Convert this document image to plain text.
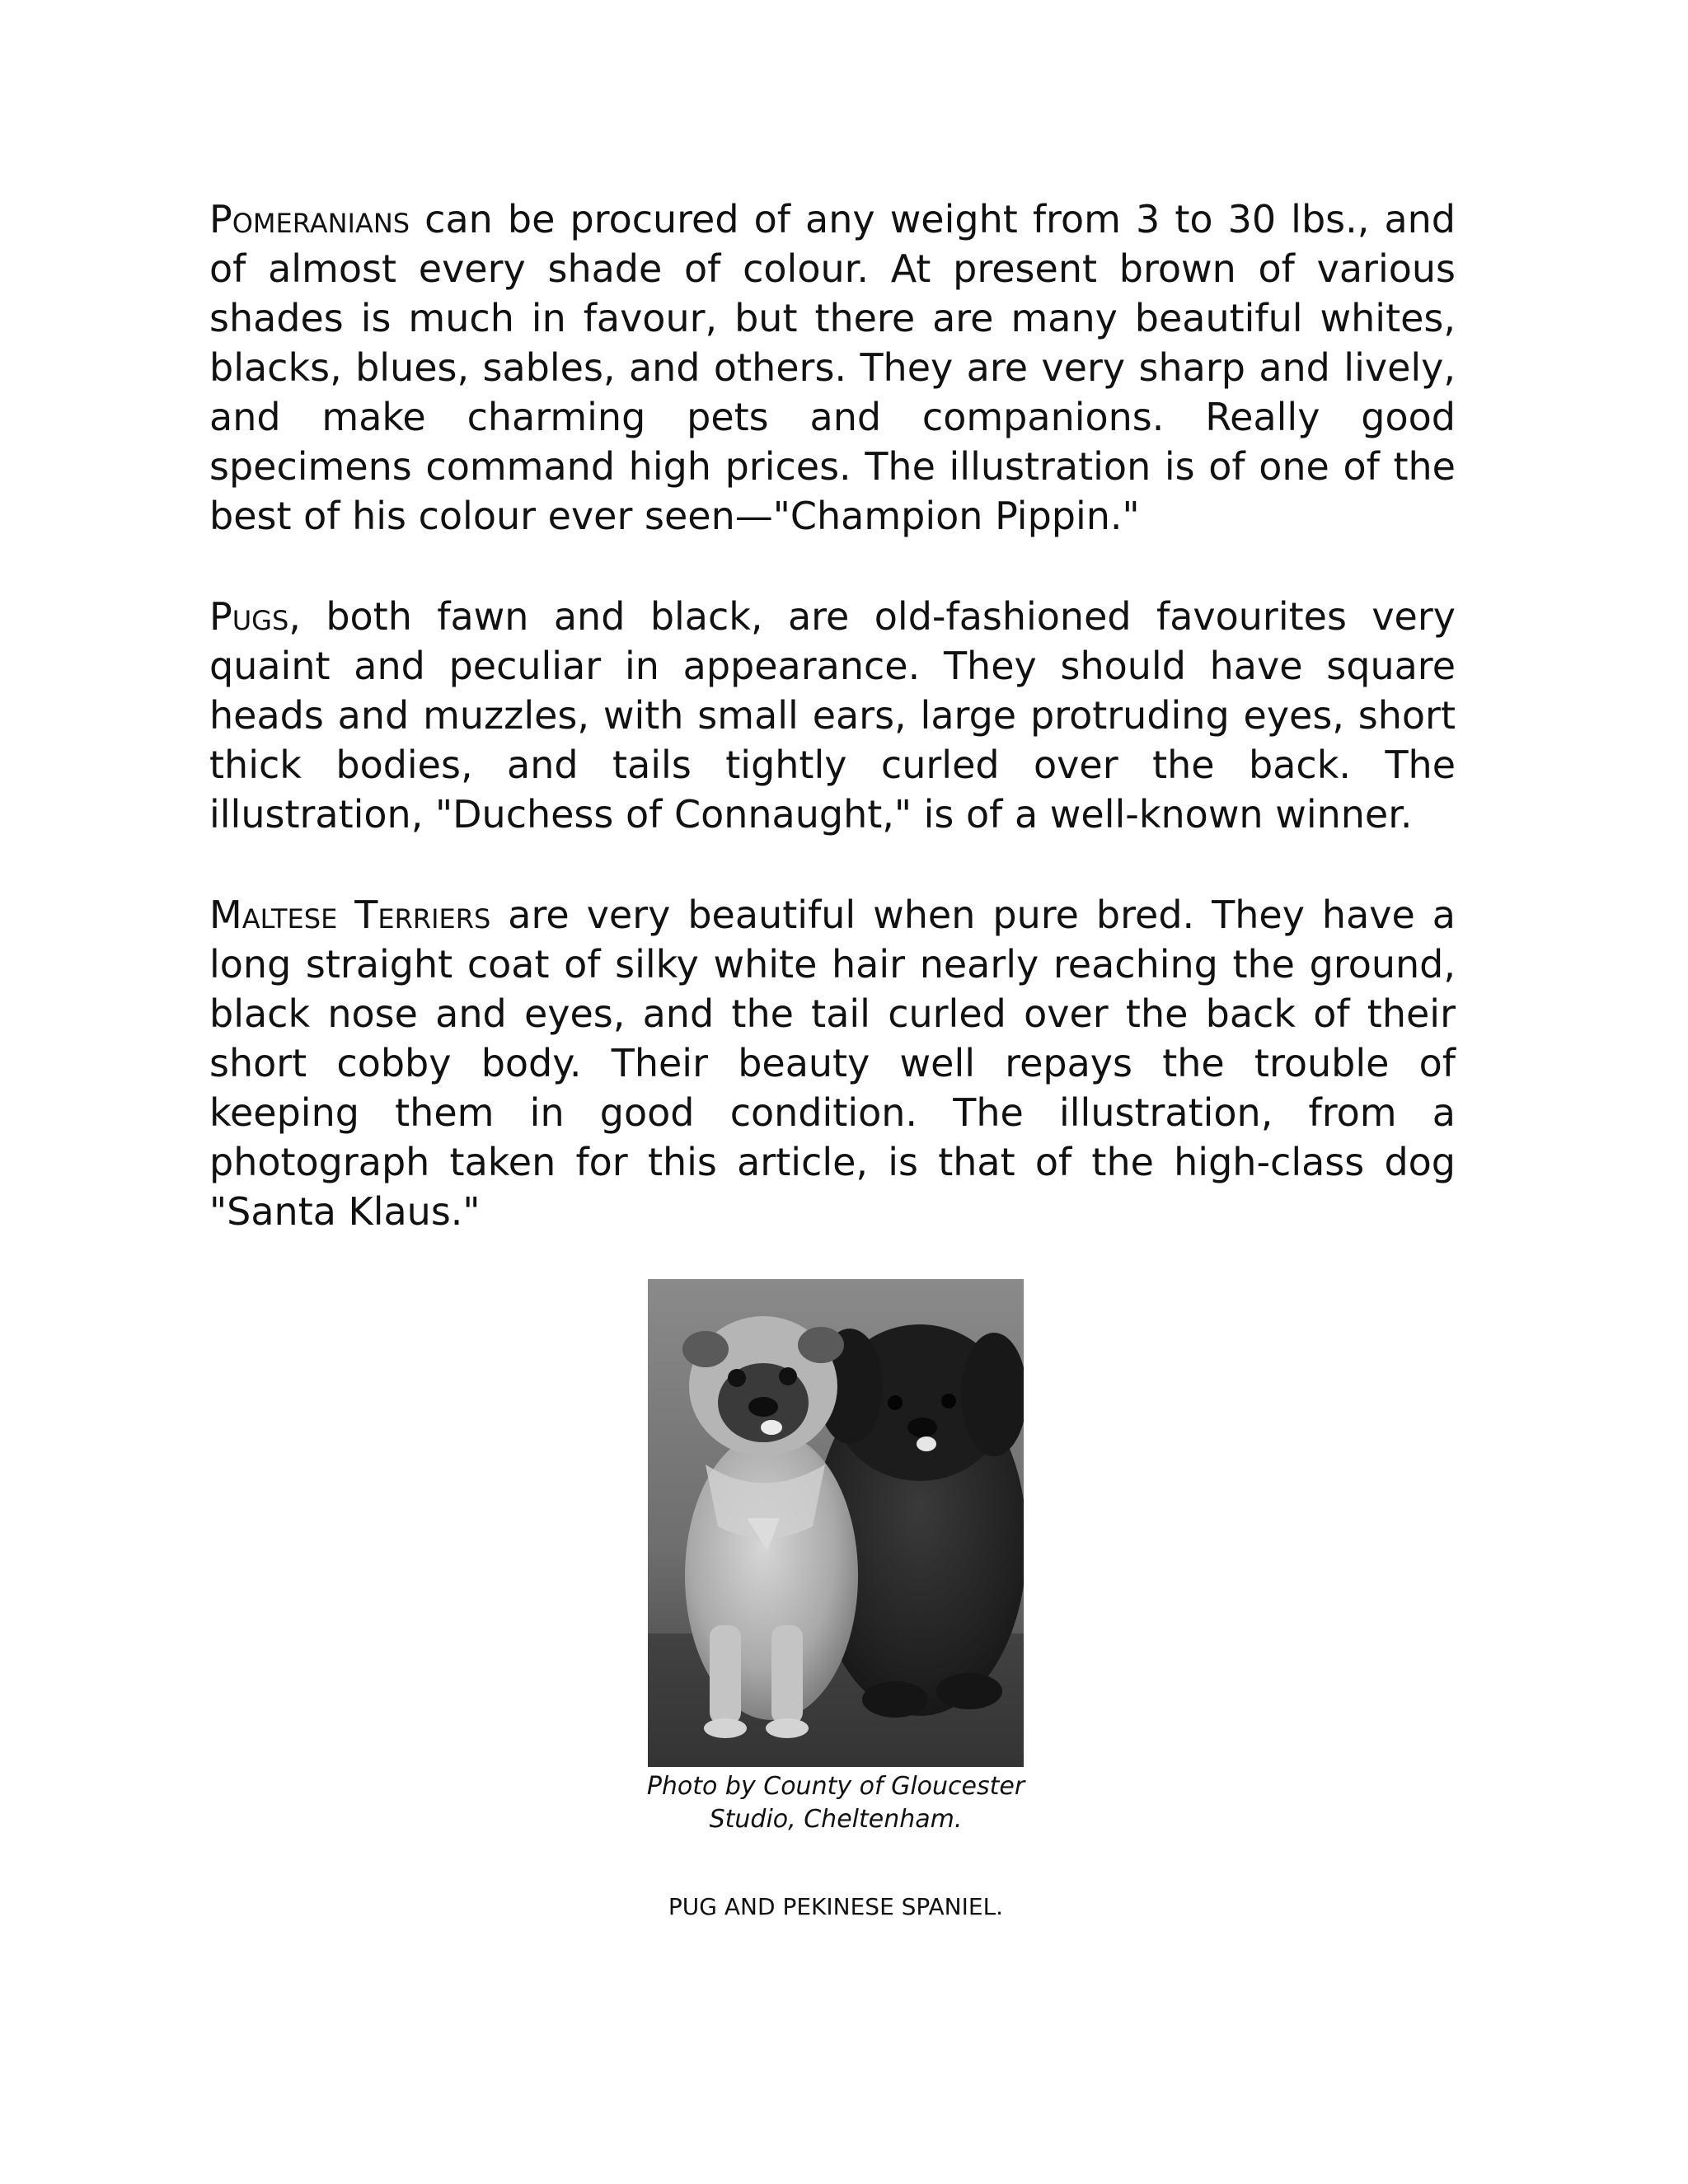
Pomeranians can be procured of any weight from 3 to 30 lbs., and of almost every shade of colour. At present brown of various shades is much in favour, but there are many beautiful whites, blacks, blues, sables, and others. They are very sharp and lively, and make charming pets and companions. Really good specimens command high prices. The illustration is of one of the best of his colour ever seen—"Champion Pippin."

Pugs, both fawn and black, are old-fashioned favourites very quaint and peculiar in appearance. They should have square heads and muzzles, with small ears, large protruding eyes, short thick bodies, and tails tightly curled over the back. The illustration, "Duchess of Connaught," is of a well-known winner.

Maltese Terriers are very beautiful when pure bred. They have a long straight coat of silky white hair nearly reaching the ground, black nose and eyes, and the tail curled over the back of their short cobby body. Their beauty well repays the trouble of keeping them in good condition. The illustration, from a photograph taken for this article, is that of the high-class dog "Santa Klaus."

Photo by County of Gloucester
Studio, Cheltenham.
PUG AND PEKINESE SPANIEL.
